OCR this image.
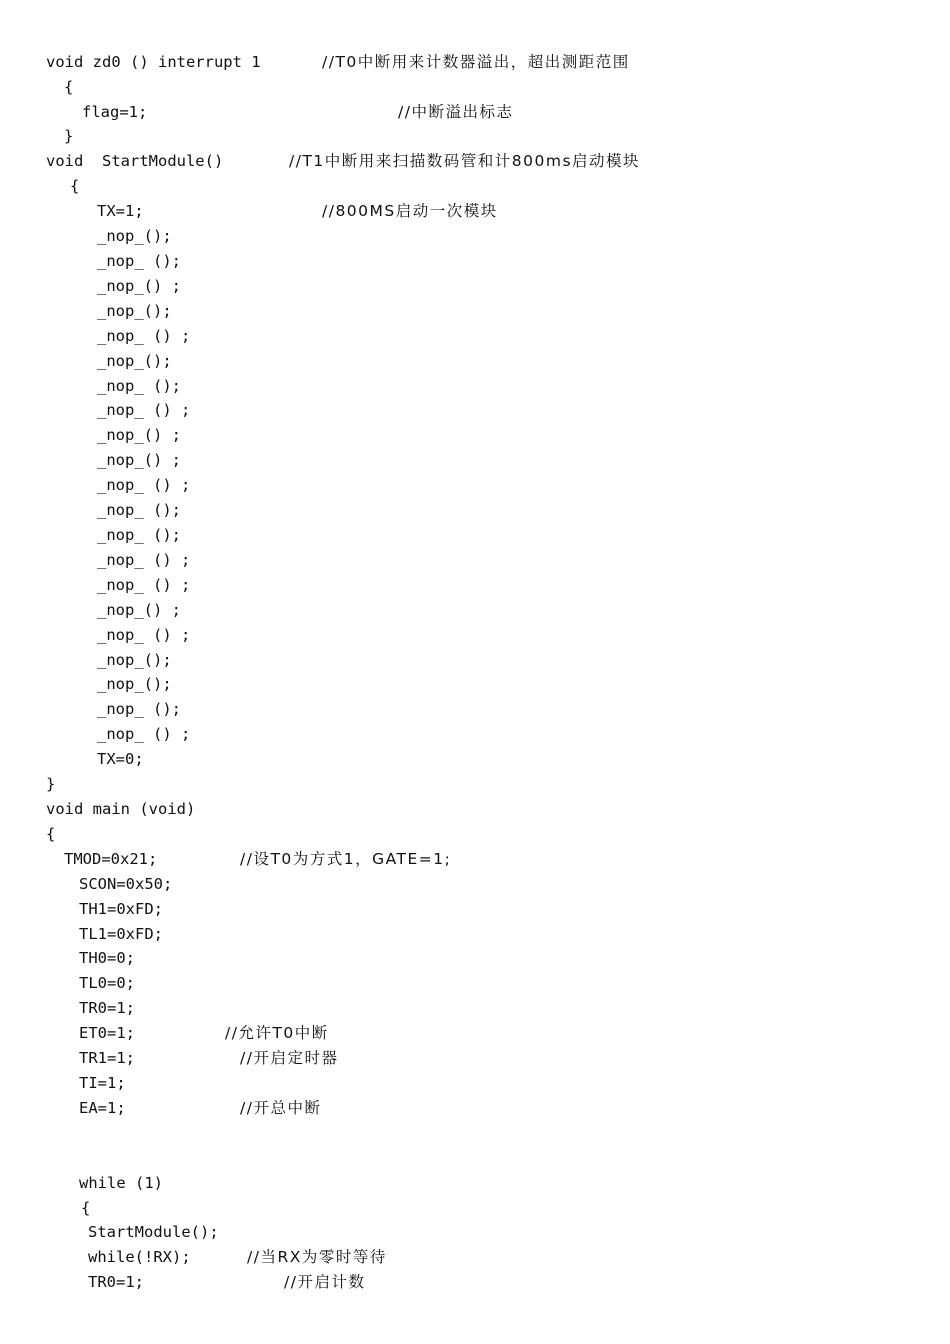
void zd0 () interrupt 1	//T0中断用来计数器溢出，超出测距范围
{
flag=1;	//中断溢出标志
}
void  StartModule()	//T1中断用来扫描数码管和计800ms启动模块
{
TX=1;	//800MS启动一次模块
_nop_();
_nop_ ();
_nop_() ;
_nop_();
_nop_ () ;
_nop_();
_nop_ ();
_nop_ () ;
_nop_() ;
_nop_() ;
_nop_ () ;
_nop_ ();
_nop_ ();
_nop_ () ;
_nop_ () ;
_nop_() ;
_nop_ () ;
_nop_();
_nop_();
_nop_ ();
_nop_ () ;
TX=0;
}
void main (void)
{
TMOD=0x21;	//设T0为方式1，GATE=1;
SCON=0x50;
TH1=0xFD;
TL1=0xFD;
TH0=0;
TL0=0;
TR0=1;
ET0=1;	//允许T0中断
TR1=1;	//开启定时器
TI=1;
EA=1;	//开总中断
while (1)
{
StartModule();
while(!RX);	//当RX为零时等待
TR0=1;	//开启计数
